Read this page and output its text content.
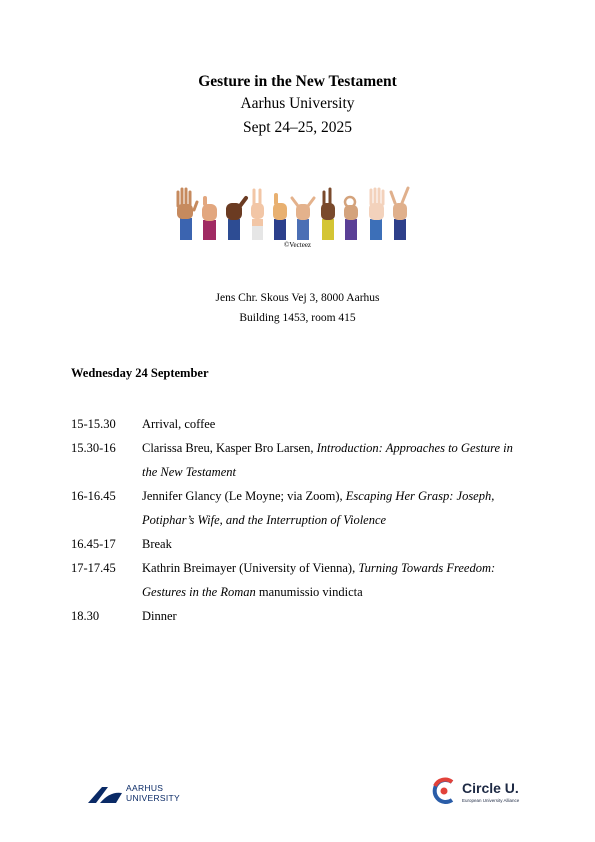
Gesture in the New Testament
Aarhus University
Sept 24–25, 2025
©Vecteez
Jens Chr. Skous Vej 3, 8000 Aarhus
Building 1453, room 415
Wednesday 24 September
15-15.30	Arrival, coffee
15.30-16	Clarissa Breu, Kasper Bro Larsen, Introduction: Approaches to Gesture in the New Testament
16-16.45	Jennifer Glancy (Le Moyne; via Zoom), Escaping Her Grasp: Joseph, Potiphar’s Wife, and the Interruption of Violence
16.45-17	Break
17-17.45	Kathrin Breimayer (University of Vienna), Turning Towards Freedom: Gestures in the Roman manumissio vindicta
18.30	Dinner
AARHUS
UNIVERSITY
Circle U.
European University Alliance
